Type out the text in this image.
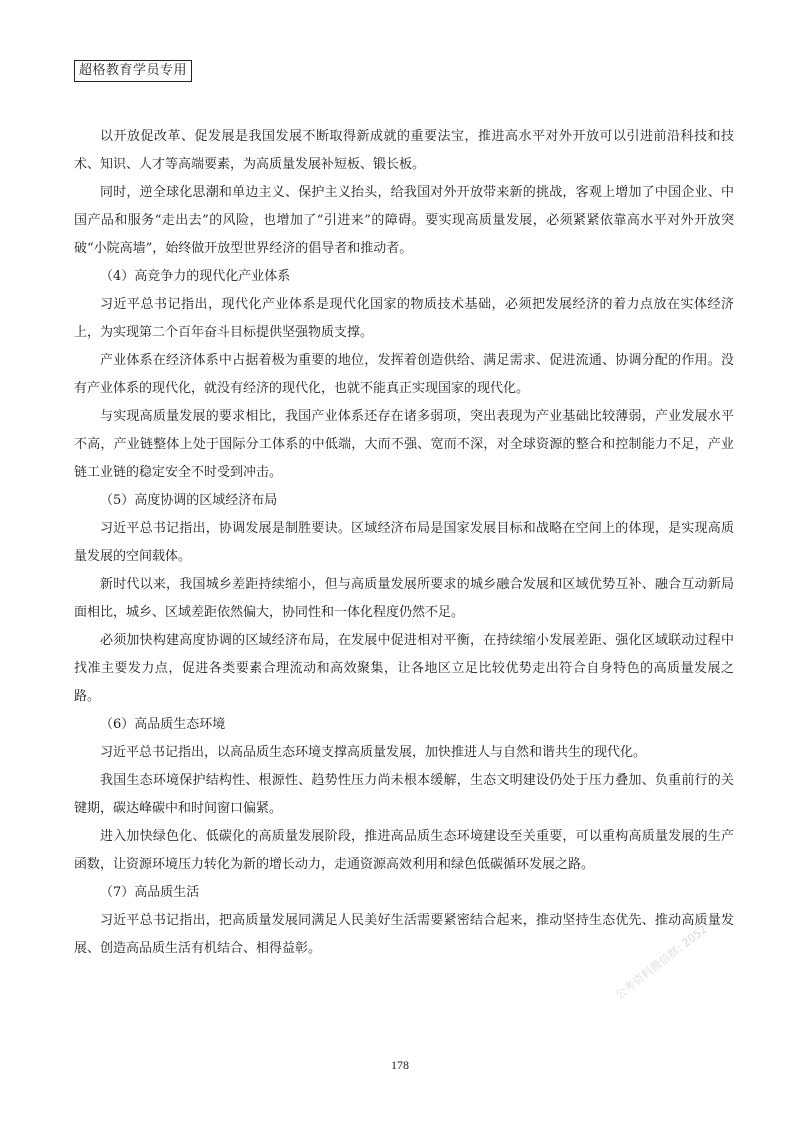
超格教育学员专用

以开放促改革、促发展是我国发展不断取得新成就的重要法宝，推进高水平对外开放可以引进前沿科技和技术、知识、人才等高端要素，为高质量发展补短板、锻长板。

同时，逆全球化思潮和单边主义、保护主义抬头，给我国对外开放带来新的挑战，客观上增加了中国企业、中国产品和服务“走出去”的风险，也增加了“引进来”的障碍。要实现高质量发展，必须紧紧依靠高水平对外开放突破“小院高墙”，始终做开放型世界经济的倡导者和推动者。

（4）高竞争力的现代化产业体系

习近平总书记指出，现代化产业体系是现代化国家的物质技术基础，必须把发展经济的着力点放在实体经济上，为实现第二个百年奋斗目标提供坚强物质支撑。

产业体系在经济体系中占据着极为重要的地位，发挥着创造供给、满足需求、促进流通、协调分配的作用。没有产业体系的现代化，就没有经济的现代化，也就不能真正实现国家的现代化。

与实现高质量发展的要求相比，我国产业体系还存在诸多弱项，突出表现为产业基础比较薄弱，产业发展水平不高，产业链整体上处于国际分工体系的中低端，大而不强、宽而不深，对全球资源的整合和控制能力不足，产业链工业链的稳定安全不时受到冲击。

（5）高度协调的区域经济布局

习近平总书记指出，协调发展是制胜要诀。区域经济布局是国家发展目标和战略在空间上的体现，是实现高质量发展的空间载体。

新时代以来，我国城乡差距持续缩小，但与高质量发展所要求的城乡融合发展和区域优势互补、融合互动新局面相比，城乡、区域差距依然偏大，协同性和一体化程度仍然不足。

必须加快构建高度协调的区域经济布局，在发展中促进相对平衡，在持续缩小发展差距、强化区域联动过程中找准主要发力点，促进各类要素合理流动和高效聚集，让各地区立足比较优势走出符合自身特色的高质量发展之路。

（6）高品质生态环境

习近平总书记指出，以高品质生态环境支撑高质量发展，加快推进人与自然和谐共生的现代化。

我国生态环境保护结构性、根源性、趋势性压力尚未根本缓解，生态文明建设仍处于压力叠加、负重前行的关键期，碳达峰碳中和时间窗口偏紧。

进入加快绿色化、低碳化的高质量发展阶段，推进高品质生态环境建设至关重要，可以重构高质量发展的生产函数，让资源环境压力转化为新的增长动力，走通资源高效利用和绿色低碳循环发展之路。

（7）高品质生活

习近平总书记指出，把高质量发展同满足人民美好生活需要紧密结合起来，推动坚持生态优先、推动高质量发展、创造高品质生活有机结合、相得益彰。	公考资料微信群: 2052
178
